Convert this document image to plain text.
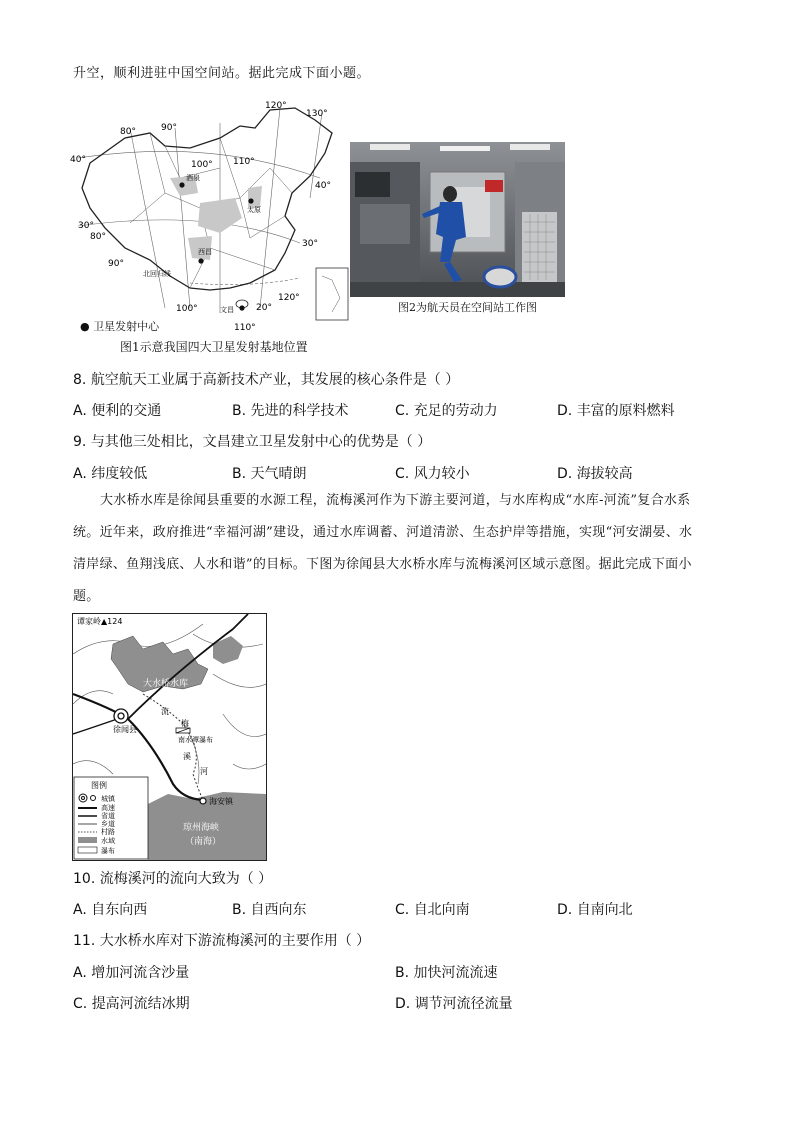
升空，顺利进驻中国空间站。据此完成下面小题。
酒泉
太原
西昌
文昌
北回归线
80°	90°
100° 110°
120°
130°
100°
110°
120°
40°
40°
30°
30°
20°
80°
90°
● 卫星发射中心
图1示意我国四大卫星发射基地位置
图2为航天员在空间站工作图
8. 航空航天工业属于高新技术产业，其发展的核心条件是（ ）
A. 便利的交通	B. 先进的科学技术	C. 充足的劳动力	D. 丰富的原料燃料
9. 与其他三处相比，文昌建立卫星发射中心的优势是（ ）
A. 纬度较低	B. 天气晴朗	C. 风力较小	D. 海拔较高
大水桥水库是徐闻县重要的水源工程，流梅溪河作为下游主要河道，与水库构成“水库-河流”复合水系
统。近年来，政府推进“幸福河湖”建设，通过水库调蓄、河道清淤、生态护岸等措施，实现“河安湖晏、水
清岸绿、鱼翔浅底、人水和谐”的目标。下图为徐闻县大水桥水库与流梅溪河区域示意图。据此完成下面小
题。
谭家岭▲124
大水桥水库
徐闻县
流
梅
溪
河
南水潭瀑布
海安镇
琼州海峡
（南海）
图例
城镇
高速
省道
乡道
村路
水域
瀑布
10. 流梅溪河的流向大致为（ ）
A. 自东向西	B. 自西向东	C. 自北向南	D. 自南向北
11. 大水桥水库对下游流梅溪河的主要作用（ ）
A. 增加河流含沙量	B. 加快河流流速
C. 提高河流结冰期	D. 调节河流径流量
